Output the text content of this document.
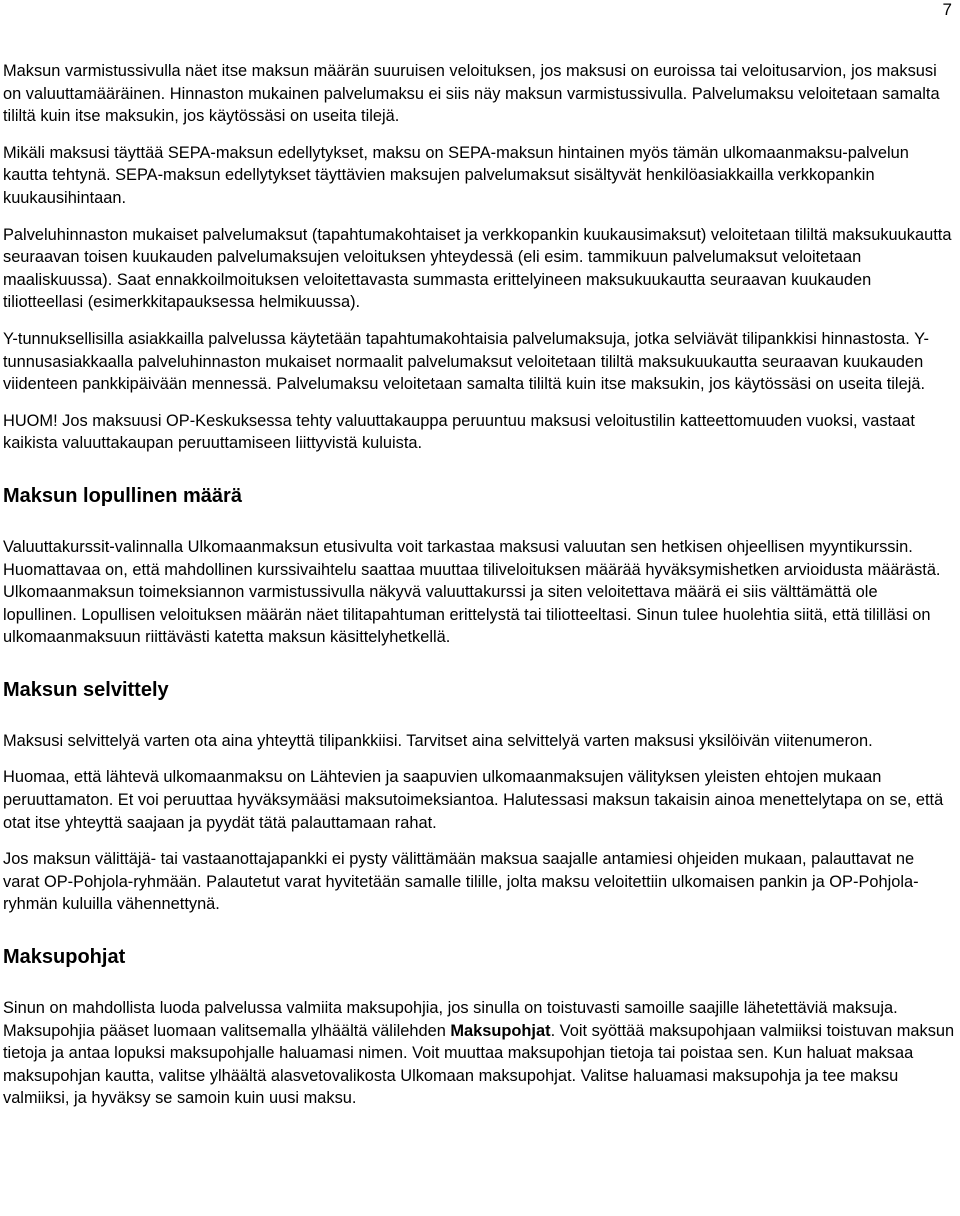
7

Maksun varmistussivulla näet itse maksun määrän suuruisen veloituksen, jos maksusi on euroissa tai veloitusarvion, jos maksusi on valuuttamääräinen. Hinnaston mukainen palvelumaksu ei siis näy maksun varmistussivulla. Palvelumaksu veloitetaan samalta tililtä kuin itse maksukin, jos käytössäsi on useita tilejä.

Mikäli maksusi täyttää SEPA-maksun edellytykset, maksu on SEPA-maksun hintainen myös tämän ulkomaanmaksu-palvelun kautta tehtynä. SEPA-maksun edellytykset täyttävien maksujen palvelumaksut sisältyvät henkilöasiakkailla verkkopankin kuukausihintaan.

Palveluhinnaston mukaiset palvelumaksut (tapahtumakohtaiset ja verkkopankin kuukausimaksut) veloitetaan tililtä maksukuukautta seuraavan toisen kuukauden palvelumaksujen veloituksen yhteydessä (eli esim. tammikuun palvelumaksut veloitetaan maaliskuussa). Saat ennakkoilmoituksen veloitettavasta summasta erittelyineen maksukuukautta seuraavan kuukauden tiliotteellasi (esimerkkitapauksessa helmikuussa).

Y-tunnuksellisilla asiakkailla palvelussa käytetään tapahtumakohtaisia palvelumaksuja, jotka selviävät tilipankkisi hinnastosta. Y-tunnusasiakkaalla palveluhinnaston mukaiset normaalit palvelumaksut veloitetaan tililtä maksukuukautta seuraavan kuukauden viidenteen pankkipäivään mennessä. Palvelumaksu veloitetaan samalta tililtä kuin itse maksukin, jos käytössäsi on useita tilejä.

HUOM! Jos maksuusi OP-Keskuksessa tehty valuuttakauppa peruuntuu maksusi veloitustilin katteettomuuden vuoksi, vastaat kaikista valuuttakaupan peruuttamiseen liittyvistä kuluista.

Maksun lopullinen määrä

Valuuttakurssit-valinnalla Ulkomaanmaksun etusivulta voit tarkastaa maksusi valuutan sen hetkisen ohjeellisen myyntikurssin. Huomattavaa on, että mahdollinen kurssivaihtelu saattaa muuttaa tiliveloituksen määrää hyväksymishetken arvioidusta määrästä. Ulkomaanmaksun toimeksiannon varmistussivulla näkyvä valuuttakurssi ja siten veloitettava määrä ei siis välttämättä ole lopullinen. Lopullisen veloituksen määrän näet tilitapahtuman erittelystä tai tiliotteeltasi. Sinun tulee huolehtia siitä, että tililläsi on ulkomaanmaksuun riittävästi katetta maksun käsittelyhetkellä.

Maksun selvittely

Maksusi selvittelyä varten ota aina yhteyttä tilipankkiisi. Tarvitset aina selvittelyä varten maksusi yksilöivän viitenumeron.

Huomaa, että lähtevä ulkomaanmaksu on Lähtevien ja saapuvien ulkomaanmaksujen välityksen yleisten ehtojen mukaan peruuttamaton. Et voi peruuttaa hyväksymääsi maksutoimeksiantoa. Halutessasi maksun takaisin ainoa menettelytapa on se, että otat itse yhteyttä saajaan ja pyydät tätä palauttamaan rahat.

Jos maksun välittäjä- tai vastaanottajapankki ei pysty välittämään maksua saajalle antamiesi ohjeiden mukaan, palauttavat ne varat OP-Pohjola-ryhmään. Palautetut varat hyvitetään samalle tilille, jolta maksu veloitettiin ulkomaisen pankin ja OP-Pohjola-ryhmän kuluilla vähennettynä.

Maksupohjat

Sinun on mahdollista luoda palvelussa valmiita maksupohjia, jos sinulla on toistuvasti samoille saajille lähetettäviä maksuja. Maksupohjia pääset luomaan valitsemalla ylhäältä välilehden Maksupohjat. Voit syöttää maksupohjaan valmiiksi toistuvan maksun tietoja ja antaa lopuksi maksupohjalle haluamasi nimen. Voit muuttaa maksupohjan tietoja tai poistaa sen. Kun haluat maksaa maksupohjan kautta, valitse ylhäältä alasvetovalikosta Ulkomaan maksupohjat. Valitse haluamasi maksupohja ja tee maksu valmiiksi, ja hyväksy se samoin kuin uusi maksu.
